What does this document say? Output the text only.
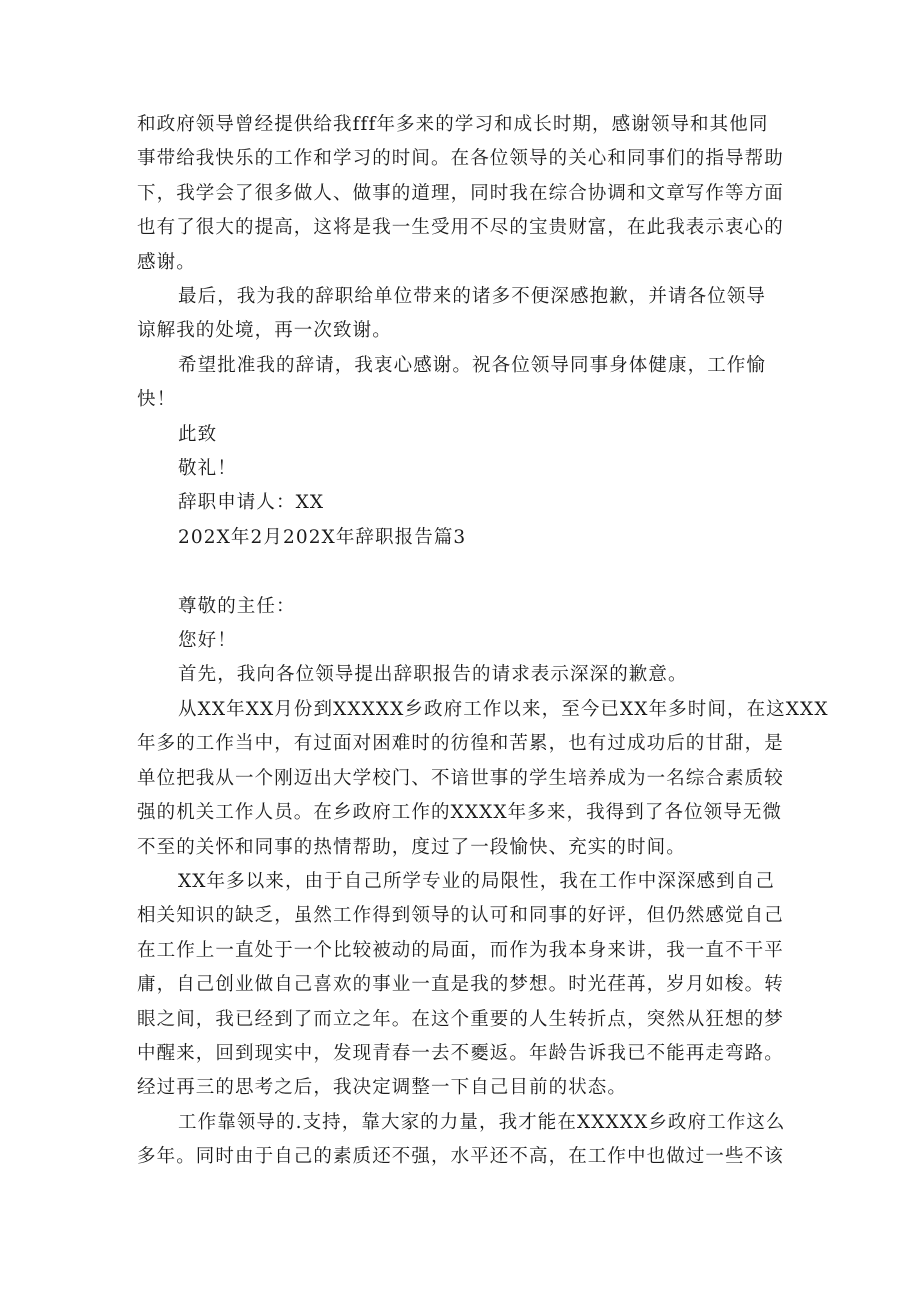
和政府领导曾经提供给我fff年多来的学习和成长时期，感谢领导和其他同

事带给我快乐的工作和学习的时间。在各位领导的关心和同事们的指导帮助

下，我学会了很多做人、做事的道理，同时我在综合协调和文章写作等方面

也有了很大的提高，这将是我一生受用不尽的宝贵财富，在此我表示衷心的

感谢。

最后，我为我的辞职给单位带来的诸多不便深感抱歉，并请各位领导

谅解我的处境，再一次致谢。

希望批准我的辞请，我衷心感谢。祝各位领导同事身体健康，工作愉

快！

此致

敬礼！

辞职申请人：XX

202X年2月202X年辞职报告篇3

尊敬的主任：

您好！

首先，我向各位领导提出辞职报告的请求表示深深的歉意。

从XX年XX月份到XXXXX乡政府工作以来，至今已XX年多时间，在这XXX

年多的工作当中，有过面对困难时的彷徨和苦累，也有过成功后的甘甜，是

单位把我从一个刚迈出大学校门、不谙世事的学生培养成为一名综合素质较

强的机关工作人员。在乡政府工作的XXXX年多来，我得到了各位领导无微

不至的关怀和同事的热情帮助，度过了一段愉快、充实的时间。

XX年多以来，由于自己所学专业的局限性，我在工作中深深感到自己

相关知识的缺乏，虽然工作得到领导的认可和同事的好评，但仍然感觉自己

在工作上一直处于一个比较被动的局面，而作为我本身来讲，我一直不干平

庸，自己创业做自己喜欢的事业一直是我的梦想。时光荏苒，岁月如梭。转

眼之间，我已经到了而立之年。在这个重要的人生转折点，突然从狂想的梦

中醒来，回到现实中，发现青春一去不夒返。年龄告诉我已不能再走弯路。

经过再三的思考之后，我决定调整一下自己目前的状态。

工作靠领导的.支持，靠大家的力量，我才能在XXXXX乡政府工作这么

多年。同时由于自己的素质还不强，水平还不高，在工作中也做过一些不该
